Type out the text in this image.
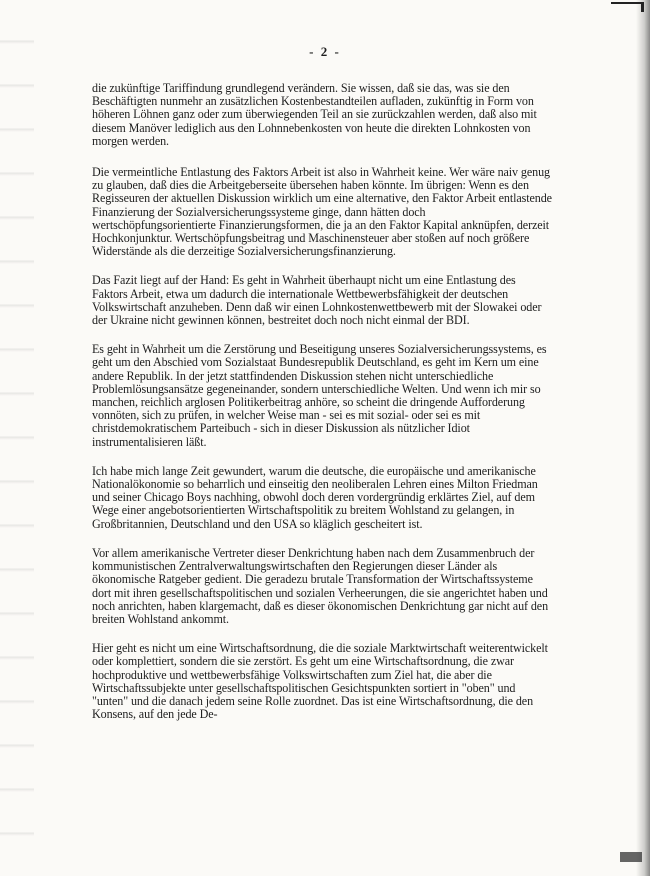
- 2 -

die zukünftige Tariffindung grundlegend verändern. Sie wissen, daß sie das, was sie den Beschäftigten nunmehr an zusätzlichen Kostenbestandteilen aufladen, zukünftig in Form von höheren Löhnen ganz oder zum überwiegenden Teil an sie zurückzahlen werden, daß also mit diesem Manöver lediglich aus den Lohnnebenkosten von heute die direkten Lohnkosten von morgen werden.

Die vermeintliche Entlastung des Faktors Arbeit ist also in Wahrheit keine. Wer wäre naiv genug zu glauben, daß dies die Arbeitgeberseite übersehen haben könnte. Im übrigen: Wenn es den Regisseuren der aktuellen Diskussion wirklich um eine alternative, den Faktor Arbeit entlastende Finanzierung der Sozialversicherungssysteme ginge, dann hätten doch wertschöpfungsorientierte Finanzierungsformen, die ja an den Faktor Kapital anknüpfen, derzeit Hochkonjunktur. Wertschöpfungsbeitrag und Maschinensteuer aber stoßen auf noch größere Widerstände als die derzeitige Sozialversicherungsfinanzierung.

Das Fazit liegt auf der Hand: Es geht in Wahrheit überhaupt nicht um eine Entlastung des Faktors Arbeit, etwa um dadurch die internationale Wettbewerbsfähigkeit der deutschen Volkswirtschaft anzuheben. Denn daß wir einen Lohnkostenwettbewerb mit der Slowakei oder der Ukraine nicht gewinnen können, bestreitet doch noch nicht einmal der BDI.

Es geht in Wahrheit um die Zerstörung und Beseitigung unseres Sozialversicherungssystems, es geht um den Abschied vom Sozialstaat Bundesrepublik Deutschland, es geht im Kern um eine andere Republik. In der jetzt stattfindenden Diskussion stehen nicht unterschiedliche Problemlösungsansätze gegeneinander, sondern unterschiedliche Welten. Und wenn ich mir so manchen, reichlich arglosen Politikerbeitrag anhöre, so scheint die dringende Aufforderung vonnöten, sich zu prüfen, in welcher Weise man - sei es mit sozial- oder sei es mit christdemokratischem Parteibuch - sich in dieser Diskussion als nützlicher Idiot instrumentalisieren läßt.

Ich habe mich lange Zeit gewundert, warum die deutsche, die europäische und amerikanische Nationalökonomie so beharrlich und einseitig den neoliberalen Lehren eines Milton Friedman und seiner Chicago Boys nachhing, obwohl doch deren vordergründig erklärtes Ziel, auf dem Wege einer angebotsorientierten Wirtschaftspolitik zu breitem Wohlstand zu gelangen, in Großbritannien, Deutschland und den USA so kläglich gescheitert ist.

Vor allem amerikanische Vertreter dieser Denkrichtung haben nach dem Zusammenbruch der kommunistischen Zentralverwaltungswirtschaften den Regierungen dieser Länder als ökonomische Ratgeber gedient. Die geradezu brutale Transformation der Wirtschaftssysteme dort mit ihren gesellschaftspolitischen und sozialen Verheerungen, die sie angerichtet haben und noch anrichten, haben klargemacht, daß es dieser ökonomischen Denkrichtung gar nicht auf den breiten Wohlstand ankommt.

Hier geht es nicht um eine Wirtschaftsordnung, die die soziale Marktwirtschaft weiterentwickelt oder komplettiert, sondern die sie zerstört. Es geht um eine Wirtschaftsordnung, die zwar hochproduktive und wettbewerbsfähige Volkswirtschaften zum Ziel hat, die aber die Wirtschaftssubjekte unter gesellschaftspolitischen Gesichtspunkten sortiert in "oben" und "unten" und die danach jedem seine Rolle zuordnet. Das ist eine Wirtschaftsordnung, die den Konsens, auf den jede De-
